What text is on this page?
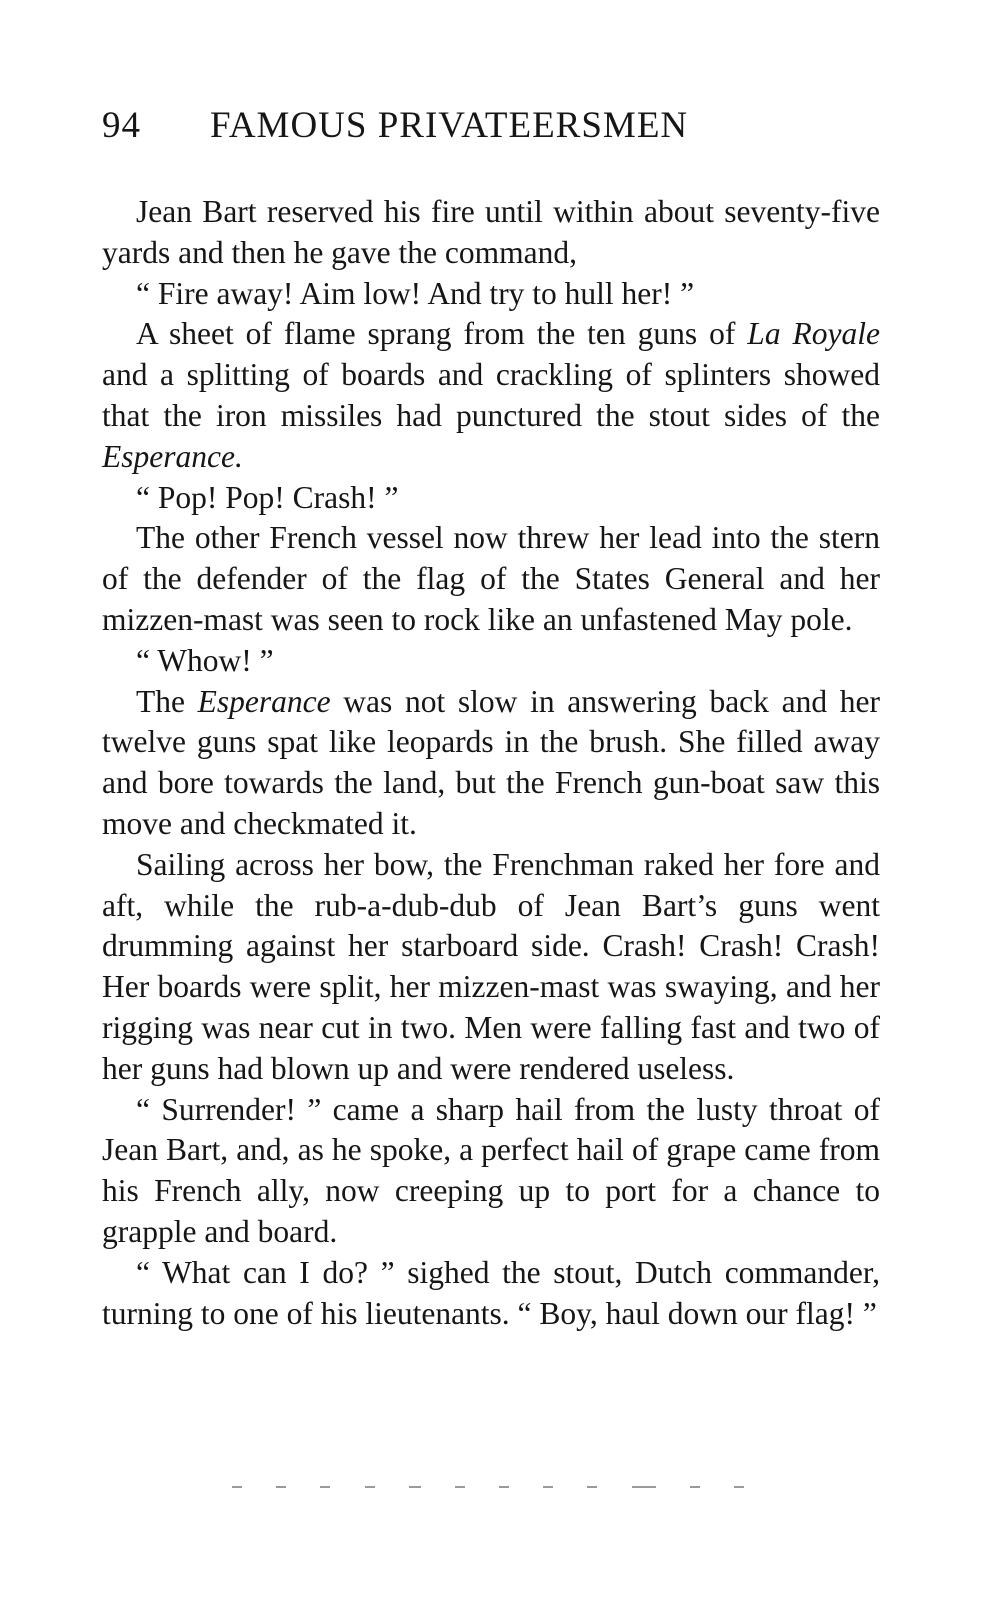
94 FAMOUS PRIVATEERSMEN

Jean Bart reserved his fire until within about seventy-five yards and then he gave the command,

“ Fire away! Aim low! And try to hull her! ”

A sheet of flame sprang from the ten guns of La Royale and a splitting of boards and crackling of splinters showed that the iron missiles had punctured the stout sides of the Esperance.

“ Pop! Pop! Crash! ”

The other French vessel now threw her lead into the stern of the defender of the flag of the States General and her mizzen-mast was seen to rock like an unfastened May pole.

“ Whow! ”

The Esperance was not slow in answering back and her twelve guns spat like leopards in the brush. She filled away and bore towards the land, but the French gun-boat saw this move and checkmated it.

Sailing across her bow, the Frenchman raked her fore and aft, while the rub-a-dub-dub of Jean Bart’s guns went drumming against her starboard side. Crash! Crash! Crash! Her boards were split, her mizzen-mast was swaying, and her rigging was near cut in two. Men were falling fast and two of her guns had blown up and were rendered useless.

“ Surrender! ” came a sharp hail from the lusty throat of Jean Bart, and, as he spoke, a perfect hail of grape came from his French ally, now creeping up to port for a chance to grapple and board.

“ What can I do? ” sighed the stout, Dutch commander, turning to one of his lieutenants. “ Boy, haul down our flag! ”
